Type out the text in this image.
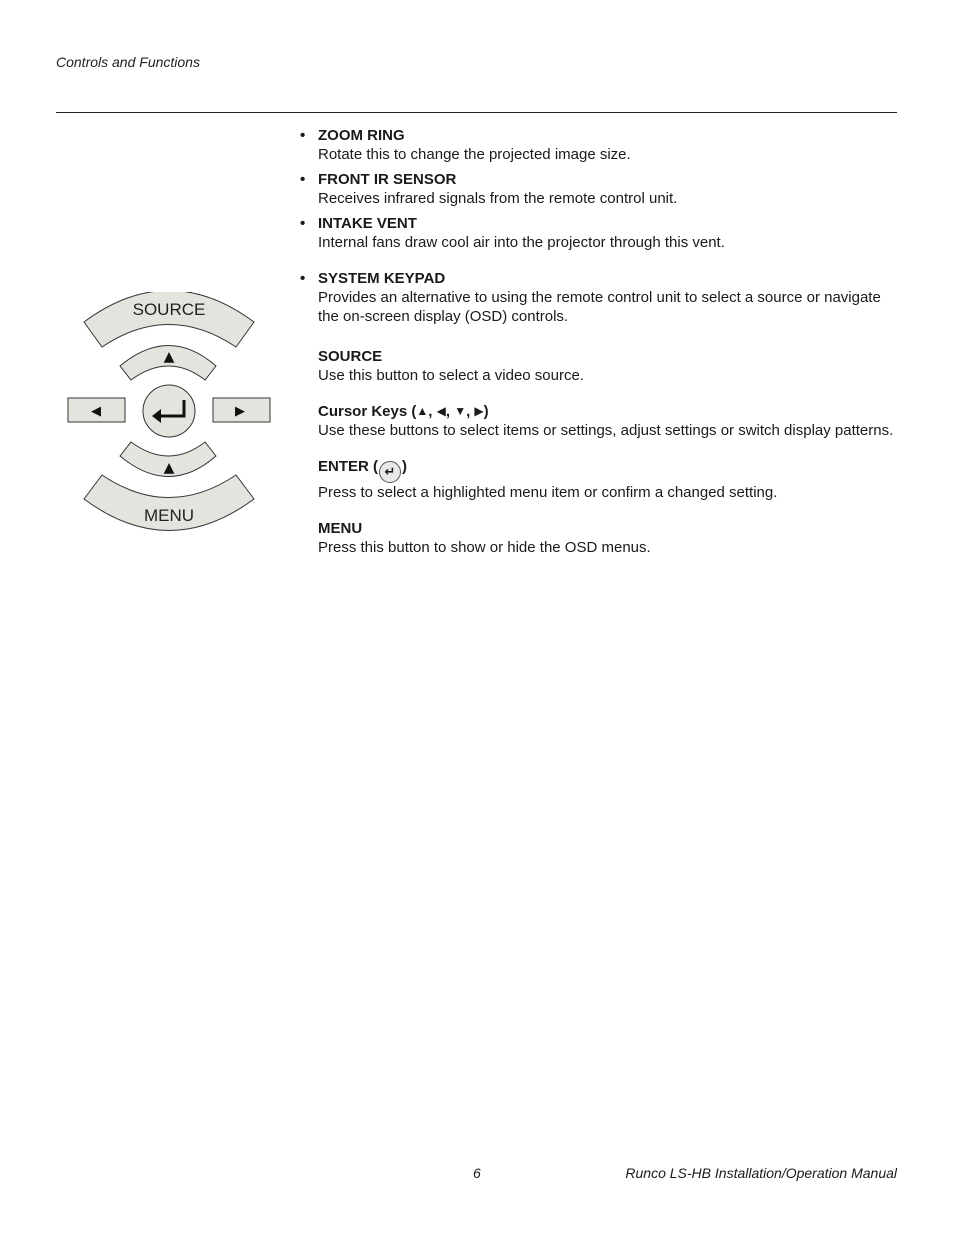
Controls and Functions
SOURCE
▲
◀	▶
▲
MENU
• ZOOM RING

Rotate this to change the projected image size.

• FRONT IR SENSOR

Receives infrared signals from the remote control unit.

• INTAKE VENT

Internal fans draw cool air into the projector through this vent.

• SYSTEM KEYPAD

Provides an alternative to using the remote control unit to select a source or navigate the on-screen display (OSD) controls.

SOURCE

Use this button to select a video source.

Cursor Keys (▲, ◀, ▼, ▶)

Use these buttons to select items or settings, adjust settings or switch display patterns.

ENTER ( ↵ )

Press to select a highlighted menu item or confirm a changed setting.

MENU

Press this button to show or hide the OSD menus.

6	Runco LS-HB Installation/Operation Manual
